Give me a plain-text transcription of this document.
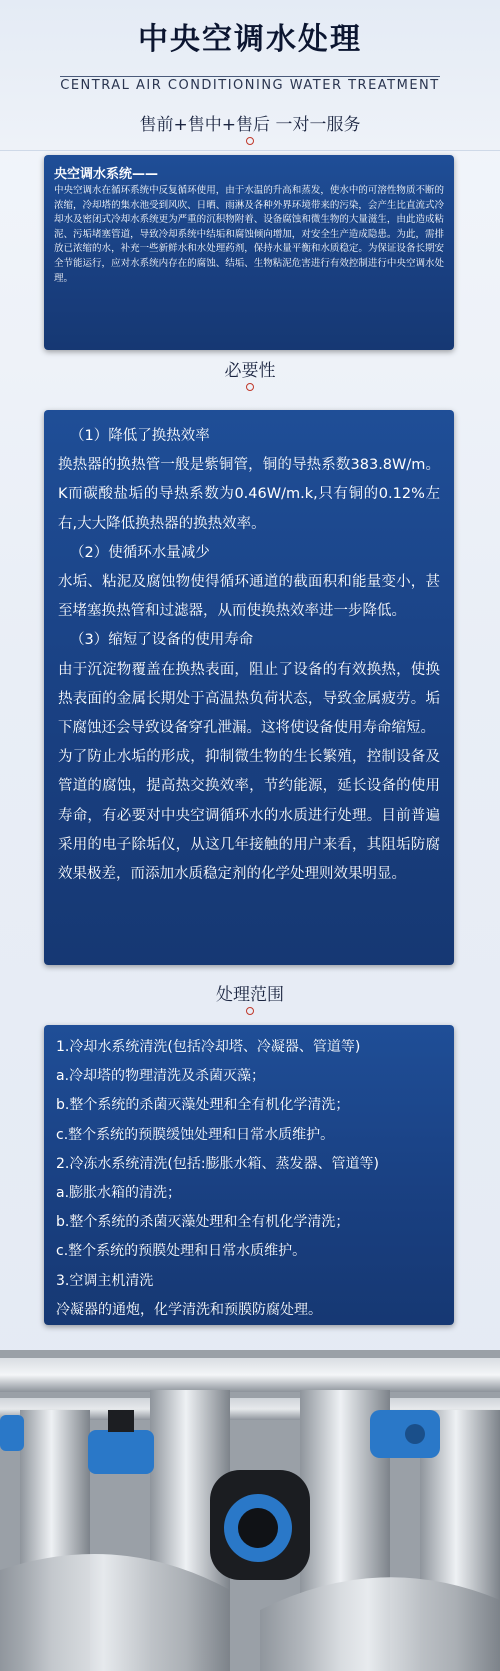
中央空调水处理
CENTRAL AIR CONDITIONING WATER TREATMENT
售前+售中+售后 一对一服务
央空调水系统——
中央空调水在循环系统中反复循环使用，由于水温的升高和蒸发，使水中的可溶性物质不断的浓缩，冷却塔的集水池受到风吹、日晒、雨淋及各种外界环境带来的污染，会产生比直流式冷却水及密闭式冷却水系统更为严重的沉积物附着、设备腐蚀和微生物的大量滋生，由此造成粘泥、污垢堵塞管道，导致冷却系统中结垢和腐蚀倾向增加，对安全生产造成隐患。为此，需排放已浓缩的水，补充一些新鲜水和水处理药剂，保持水量平衡和水质稳定。为保证设备长期安全节能运行，应对水系统内存在的腐蚀、结垢、生物粘泥危害进行有效控制进行中央空调水处理。
必要性

（1）降低了换热效率

换热器的换热管一般是紫铜管，铜的导热系数383.8W/m。K而碳酸盐垢的导热系数为0.46W/m.k,只有铜的0.12%左右,大大降低换热器的换热效率。

（2）使循环水量减少

水垢、粘泥及腐蚀物使得循环通道的截面积和能量变小，甚至堵塞换热管和过滤器，从而使换热效率进一步降低。

（3）缩短了设备的使用寿命

由于沉淀物覆盖在换热表面，阻止了设备的有效换热，使换热表面的金属长期处于高温热负荷状态，导致金属疲劳。垢下腐蚀还会导致设备穿孔泄漏。这将使设备使用寿命缩短。

为了防止水垢的形成，抑制微生物的生长繁殖，控制设备及管道的腐蚀，提高热交换效率，节约能源，延长设备的使用寿命，有必要对中央空调循环水的水质进行处理。目前普遍采用的电子除垢仪，从这几年接触的用户来看，其阻垢防腐效果极差，而添加水质稳定剂的化学处理则效果明显。

处理范围

1.冷却水系统清洗(包括冷却塔、冷凝器、管道等)

a.冷却塔的物理清洗及杀菌灭藻；

b.整个系统的杀菌灭藻处理和全有机化学清洗；

c.整个系统的预膜缓蚀处理和日常水质维护。

2.冷冻水系统清洗(包括:膨胀水箱、蒸发器、管道等)

a.膨胀水箱的清洗；

b.整个系统的杀菌灭藻处理和全有机化学清洗；

c.整个系统的预膜处理和日常水质维护。

3.空调主机清洗

冷凝器的通炮，化学清洗和预膜防腐处理。
